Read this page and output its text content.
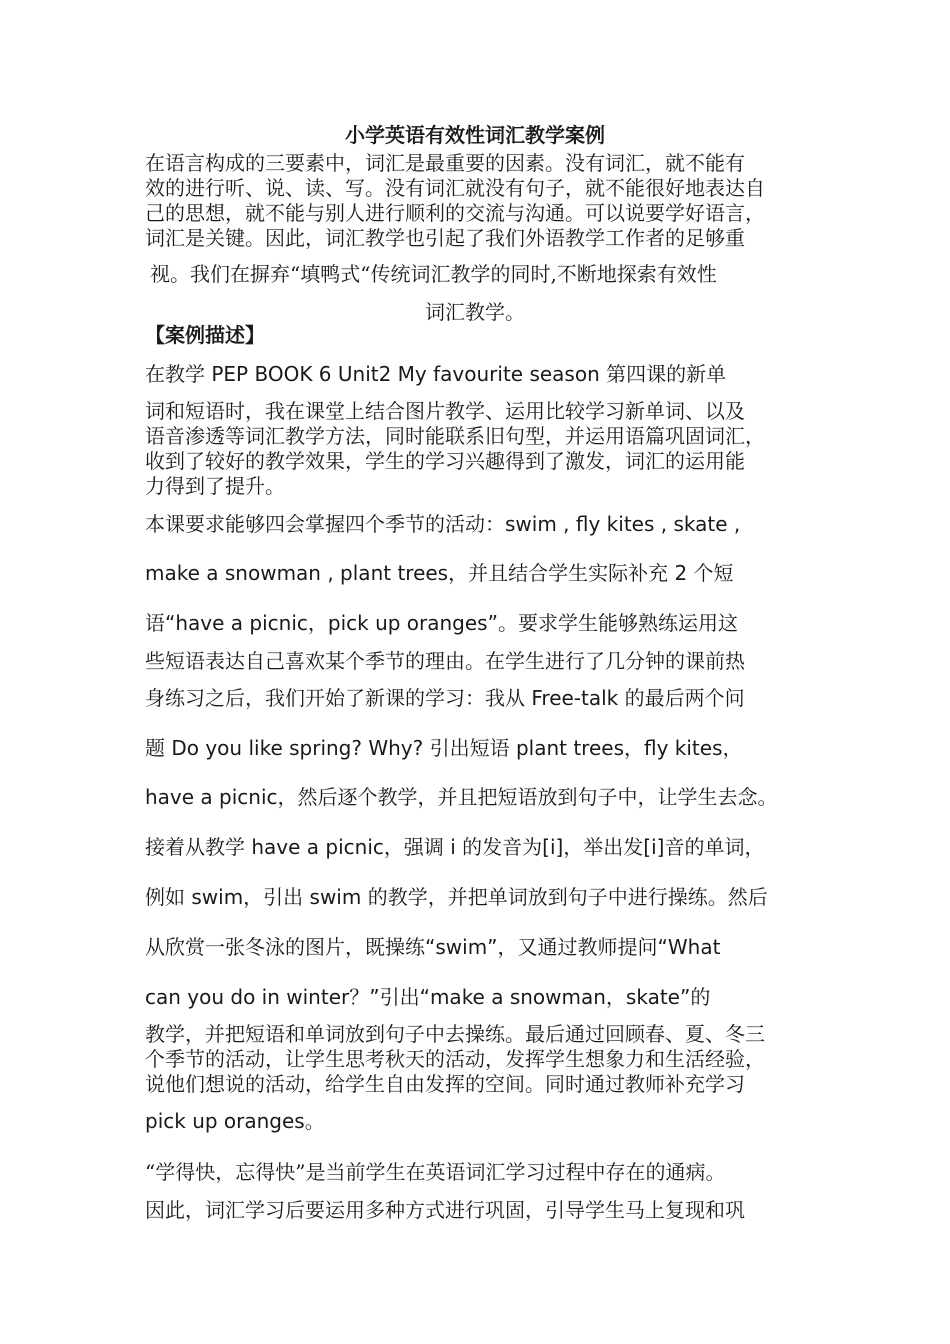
小学英语有效性词汇教学案例
在语言构成的三要素中，词汇是最重要的因素。没有词汇，就不能有
效的进行听、说、读、写。没有词汇就没有句子，就不能很好地表达自
己的思想，就不能与别人进行顺利的交流与沟通。可以说要学好语言，
词汇是关键。因此，词汇教学也引起了我们外语教学工作者的足够重
视。我们在摒弃“填鸭式“传统词汇教学的同时,不断地探索有效性
词汇教学。
【案例描述】
在教学 PEP BOOK 6 Unit2 My favourite season 第四课的新单
词和短语时，我在课堂上结合图片教学、运用比较学习新单词、以及
语音渗透等词汇教学方法，同时能联系旧句型，并运用语篇巩固词汇，
收到了较好的教学效果，学生的学习兴趣得到了激发，词汇的运用能
力得到了提升。
本课要求能够四会掌握四个季节的活动：swim , fly kites , skate ,
make a snowman , plant trees，并且结合学生实际补充 2 个短
语“have a picnic，pick up oranges”。要求学生能够熟练运用这
些短语表达自己喜欢某个季节的理由。在学生进行了几分钟的课前热
身练习之后，我们开始了新课的学习：我从 Free-talk 的最后两个问
题 Do you like spring? Why? 引出短语 plant trees，fly kites，
have a picnic，然后逐个教学，并且把短语放到句子中，让学生去念。
接着从教学 have a picnic，强调 i 的发音为[i]，举出发[i]音的单词，
例如 swim，引出 swim 的教学，并把单词放到句子中进行操练。然后
从欣赏一张冬泳的图片，既操练“swim”，又通过教师提问“What
can you do in winter？”引出“make a snowman，skate”的
教学，并把短语和单词放到句子中去操练。最后通过回顾春、夏、冬三
个季节的活动，让学生思考秋天的活动，发挥学生想象力和生活经验，
说他们想说的活动，给学生自由发挥的空间。同时通过教师补充学习
pick up oranges。
“学得快，忘得快”是当前学生在英语词汇学习过程中存在的通病。
因此，词汇学习后要运用多种方式进行巩固，引导学生马上复现和巩
